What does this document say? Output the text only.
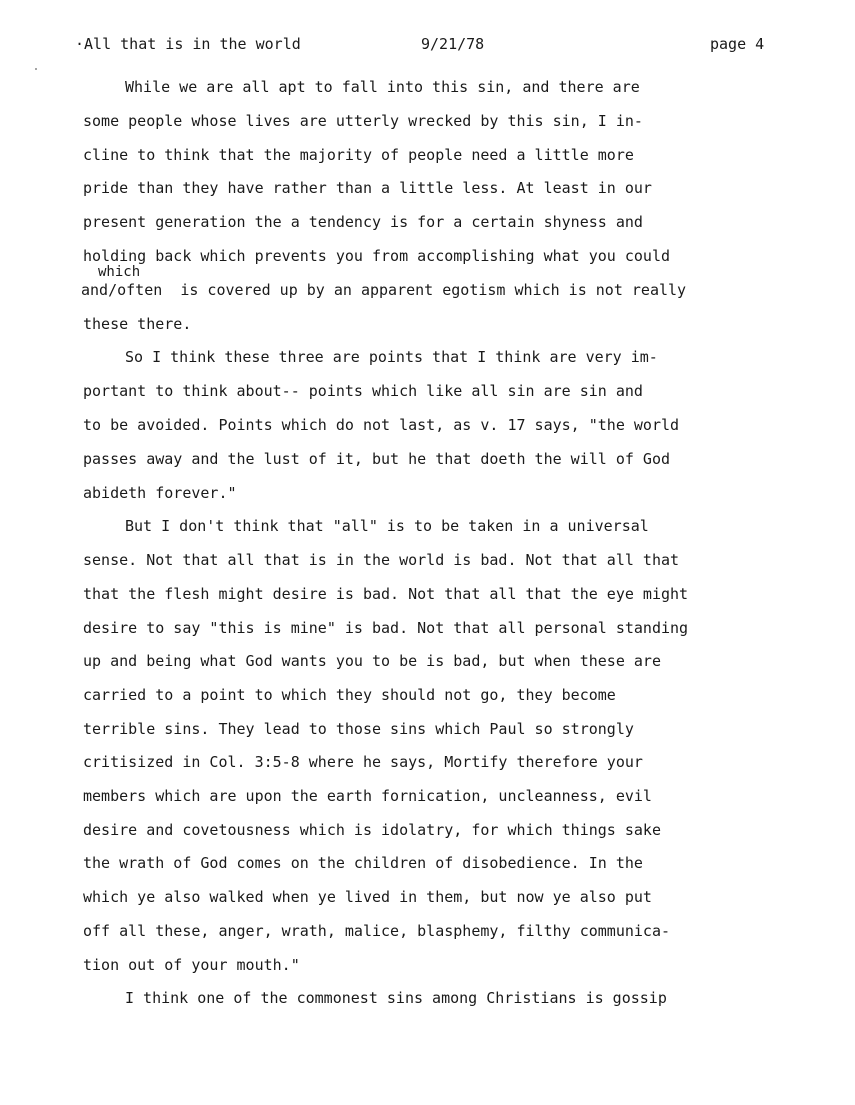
·All that is in the world	9/21/78	page 4
While we are all apt to fall into this sin, and there are
some people whose lives are utterly wrecked by this sin, I in-
cline to think that the majority of people need a little more
pride than they have rather than a little less. At least in our
present generation the a tendency is for a certain shyness and
holding back which prevents you from accomplishing what you could
which
and/often  is covered up by an apparent egotism which is not really
these there.
So I think these three are points that I think are very im-
portant to think about-- points which like all sin are sin and
to be avoided. Points which do not last, as v. 17 says, "the world
passes away and the lust of it, but he that doeth the will of God
abideth forever."
But I don't think that "all" is to be taken in a universal
sense. Not that all that is in the world is bad. Not that all that
that the flesh might desire is bad. Not that all that the eye might
desire to say "this is mine" is bad. Not that all personal standing
up and being what God wants you to be is bad, but when these are
carried to a point to which they should not go, they become
terrible sins. They lead to those sins which Paul so strongly
critisized in Col. 3:5-8 where he says, Mortify therefore your
members which are upon the earth fornication, uncleanness, evil
desire and covetousness which is idolatry, for which things sake
the wrath of God comes on the children of disobedience. In the
which ye also walked when ye lived in them, but now ye also put
off all these, anger, wrath, malice, blasphemy, filthy communica-
tion out of your mouth."
I think one of the commonest sins among Christians is gossip
